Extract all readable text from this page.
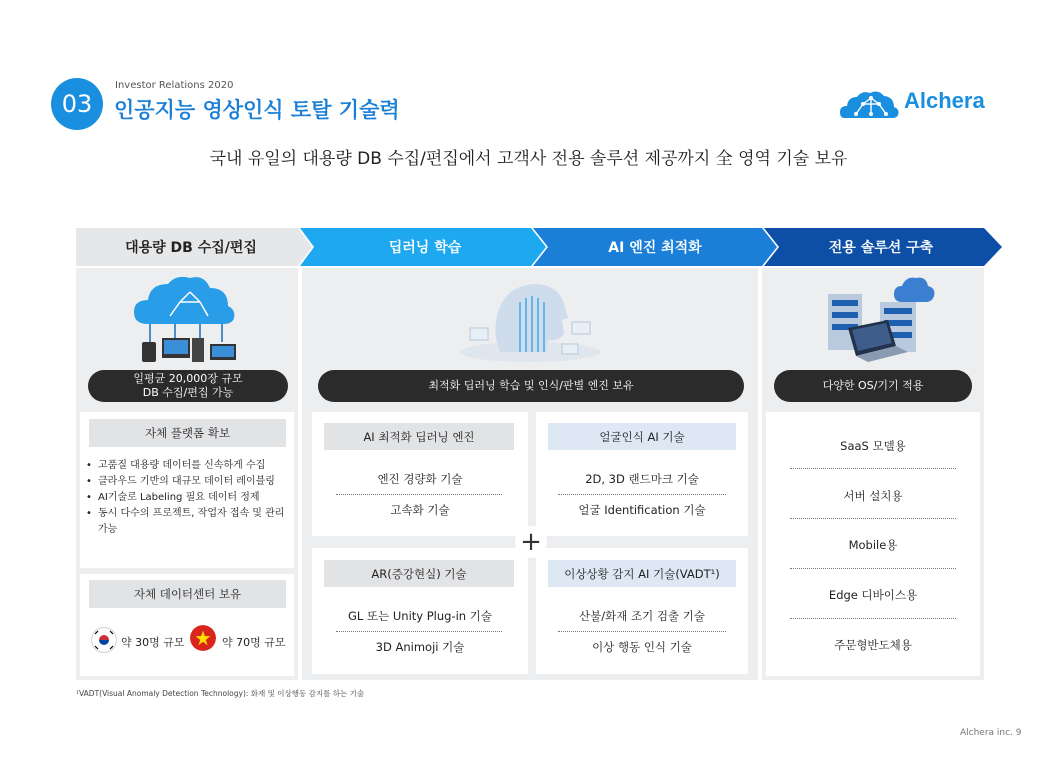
03
Investor Relations 2020
인공지능 영상인식 토탈 기술력	Alchera
국내 유일의 대용량 DB 수집/편집에서 고객사 전용 솔루션 제공까지 全 영역 기술 보유
대용량 DB 수집/편집	딥러닝 학습	AI 엔진 최적화	전용 솔루션 구축
일평균 20,000장 규모
DB 수집/편집 가능
자체 플랫폼 확보
• 고품질 대용량 데이터를 신속하게 수집
• 클라우드 기반의 대규모 데이터 레이블링
• AI기술로 Labeling 필요 데이터 정제
• 동시 다수의 프로젝트, 작업자 접속 및 관리 가능
자체 데이터센터 보유
약 30명 규모	약 70명 규모
최적화 딥러닝 학습 및 인식/판별 엔진 보유
AI 최적화 딥러닝 엔진
엔진 경량화 기술
고속화 기술
얼굴인식 AI 기술
2D, 3D 랜드마크 기술
얼굴 Identification 기술
AR(증강현실) 기술
GL 또는 Unity Plug-in 기술
3D Animoji 기술
이상상황 감지 AI 기술(VADT¹)
산불/화재 조기 검출 기술
이상 행동 인식 기술
+
다양한 OS/기기 적용
SaaS 모델용
서버 설치용
Mobile용
Edge 디바이스용
주문형반도체용
¹VADT(Visual Anomaly Detection Technology): 화재 및 이상행동 감지를 하는 기술
Alchera inc. 9
